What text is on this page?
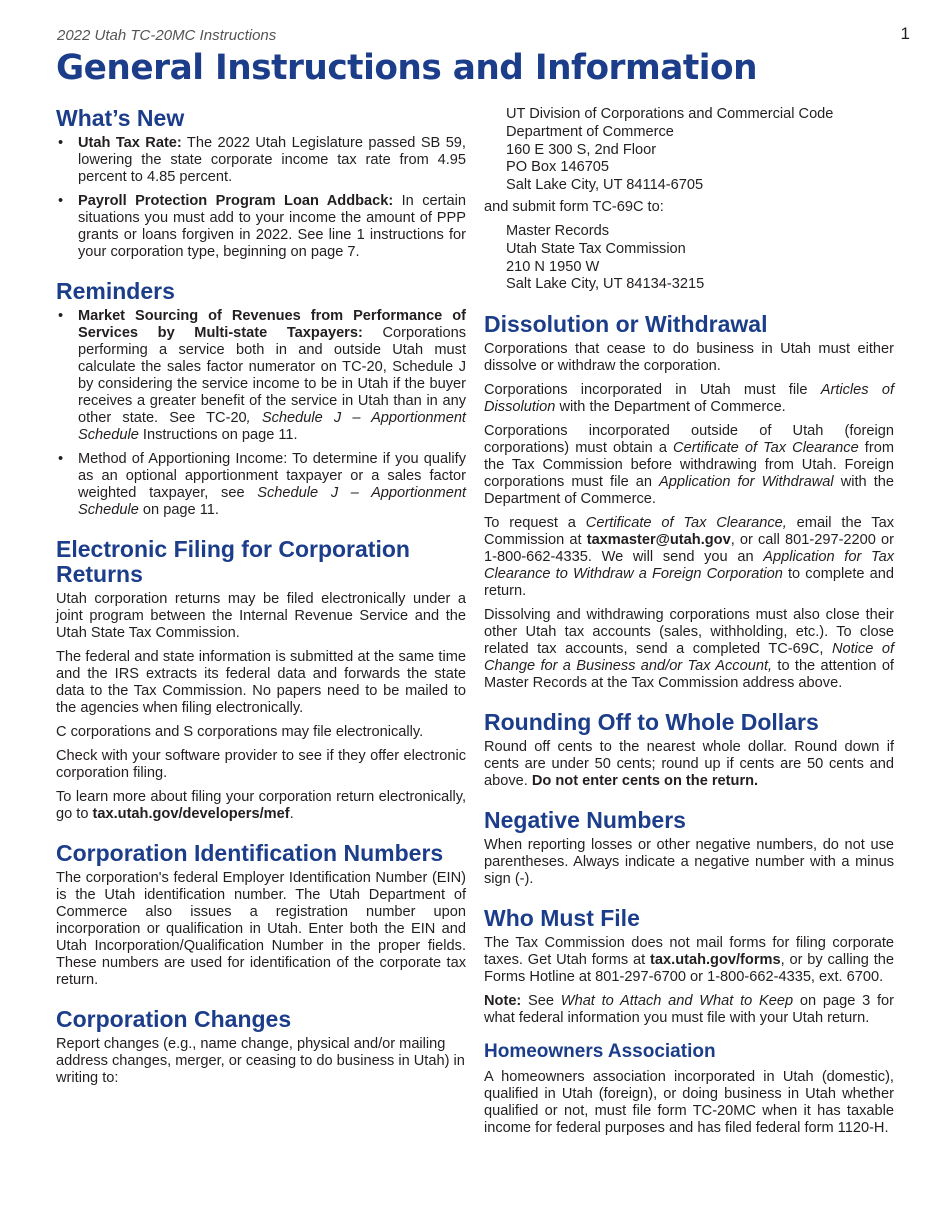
2022 Utah TC-20MC Instructions	1
General Instructions and Information
What’s New
• Utah Tax Rate: The 2022 Utah Legislature passed SB 59, lowering the state corporate income tax rate from 4.95 percent to 4.85 percent.
• Payroll Protection Program Loan Addback: In certain situations you must add to your income the amount of PPP grants or loans forgiven in 2022. See line 1 instructions for your corporation type, beginning on page 7.
Reminders
• Market Sourcing of Revenues from Performance of Services by Multi-state Taxpayers: Corporations performing a service both in and outside Utah must calculate the sales factor numerator on TC-20, Schedule J by considering the service income to be in Utah if the buyer receives a greater benefit of the service in Utah than in any other state. See TC-20, Schedule J – Apportionment Schedule Instructions on page 11.
• Method of Apportioning Income: To determine if you qualify as an optional apportionment taxpayer or a sales factor weighted taxpayer, see Schedule J – Apportionment Schedule on page 11.
Electronic Filing for Corporation Returns

Utah corporation returns may be filed electronically under a joint program between the Internal Revenue Service and the Utah State Tax Commission.

The federal and state information is submitted at the same time and the IRS extracts its federal data and forwards the state data to the Tax Commission. No papers need to be mailed to the agencies when filing electronically.

C corporations and S corporations may file electronically.

Check with your software provider to see if they offer electronic corporation filing.

To learn more about filing your corporation return electronically, go to tax.utah.gov/developers/mef.

Corporation Identification Numbers

The corporation's federal Employer Identification Number (EIN) is the Utah identification number. The Utah Department of Commerce also issues a registration number upon incorporation or qualification in Utah. Enter both the EIN and Utah Incorporation/Qualification Number in the proper fields. These numbers are used for identification of the corporate tax return.

Corporation Changes

Report changes (e.g., name change, physical and/or mailing address changes, merger, or ceasing to do business in Utah) in writing to:

UT Division of Corporations and Commercial Code
Department of Commerce
160 E 300 S, 2nd Floor
PO Box 146705
Salt Lake City, UT 84114-6705

and submit form TC-69C to:

Master Records
Utah State Tax Commission
210 N 1950 W
Salt Lake City, UT 84134-3215
Dissolution or Withdrawal

Corporations that cease to do business in Utah must either dissolve or withdraw the corporation.

Corporations incorporated in Utah must file Articles of Dissolution with the Department of Commerce.

Corporations incorporated outside of Utah (foreign corporations) must obtain a Certificate of Tax Clearance from the Tax Commission before withdrawing from Utah. Foreign corporations must file an Application for Withdrawal with the Department of Commerce.

To request a Certificate of Tax Clearance, email the Tax Commission at taxmaster@utah.gov, or call 801-297-2200 or 1-800-662-4335. We will send you an Application for Tax Clearance to Withdraw a Foreign Corporation to complete and return.

Dissolving and withdrawing corporations must also close their other Utah tax accounts (sales, withholding, etc.). To close related tax accounts, send a completed TC-69C, Notice of Change for a Business and/or Tax Account, to the attention of Master Records at the Tax Commission address above.

Rounding Off to Whole Dollars

Round off cents to the nearest whole dollar. Round down if cents are under 50 cents; round up if cents are 50 cents and above. Do not enter cents on the return.

Negative Numbers

When reporting losses or other negative numbers, do not use parentheses. Always indicate a negative number with a minus sign (-).

Who Must File

The Tax Commission does not mail forms for filing corporate taxes. Get Utah forms at tax.utah.gov/forms, or by calling the Forms Hotline at 801-297-6700 or 1-800-662-4335, ext. 6700.

Note: See What to Attach and What to Keep on page 3 for what federal information you must file with your Utah return.

Homeowners Association

A homeowners association incorporated in Utah (domestic), qualified in Utah (foreign), or doing business in Utah whether qualified or not, must file form TC-20MC when it has taxable income for federal purposes and has filed federal form 1120-H.
